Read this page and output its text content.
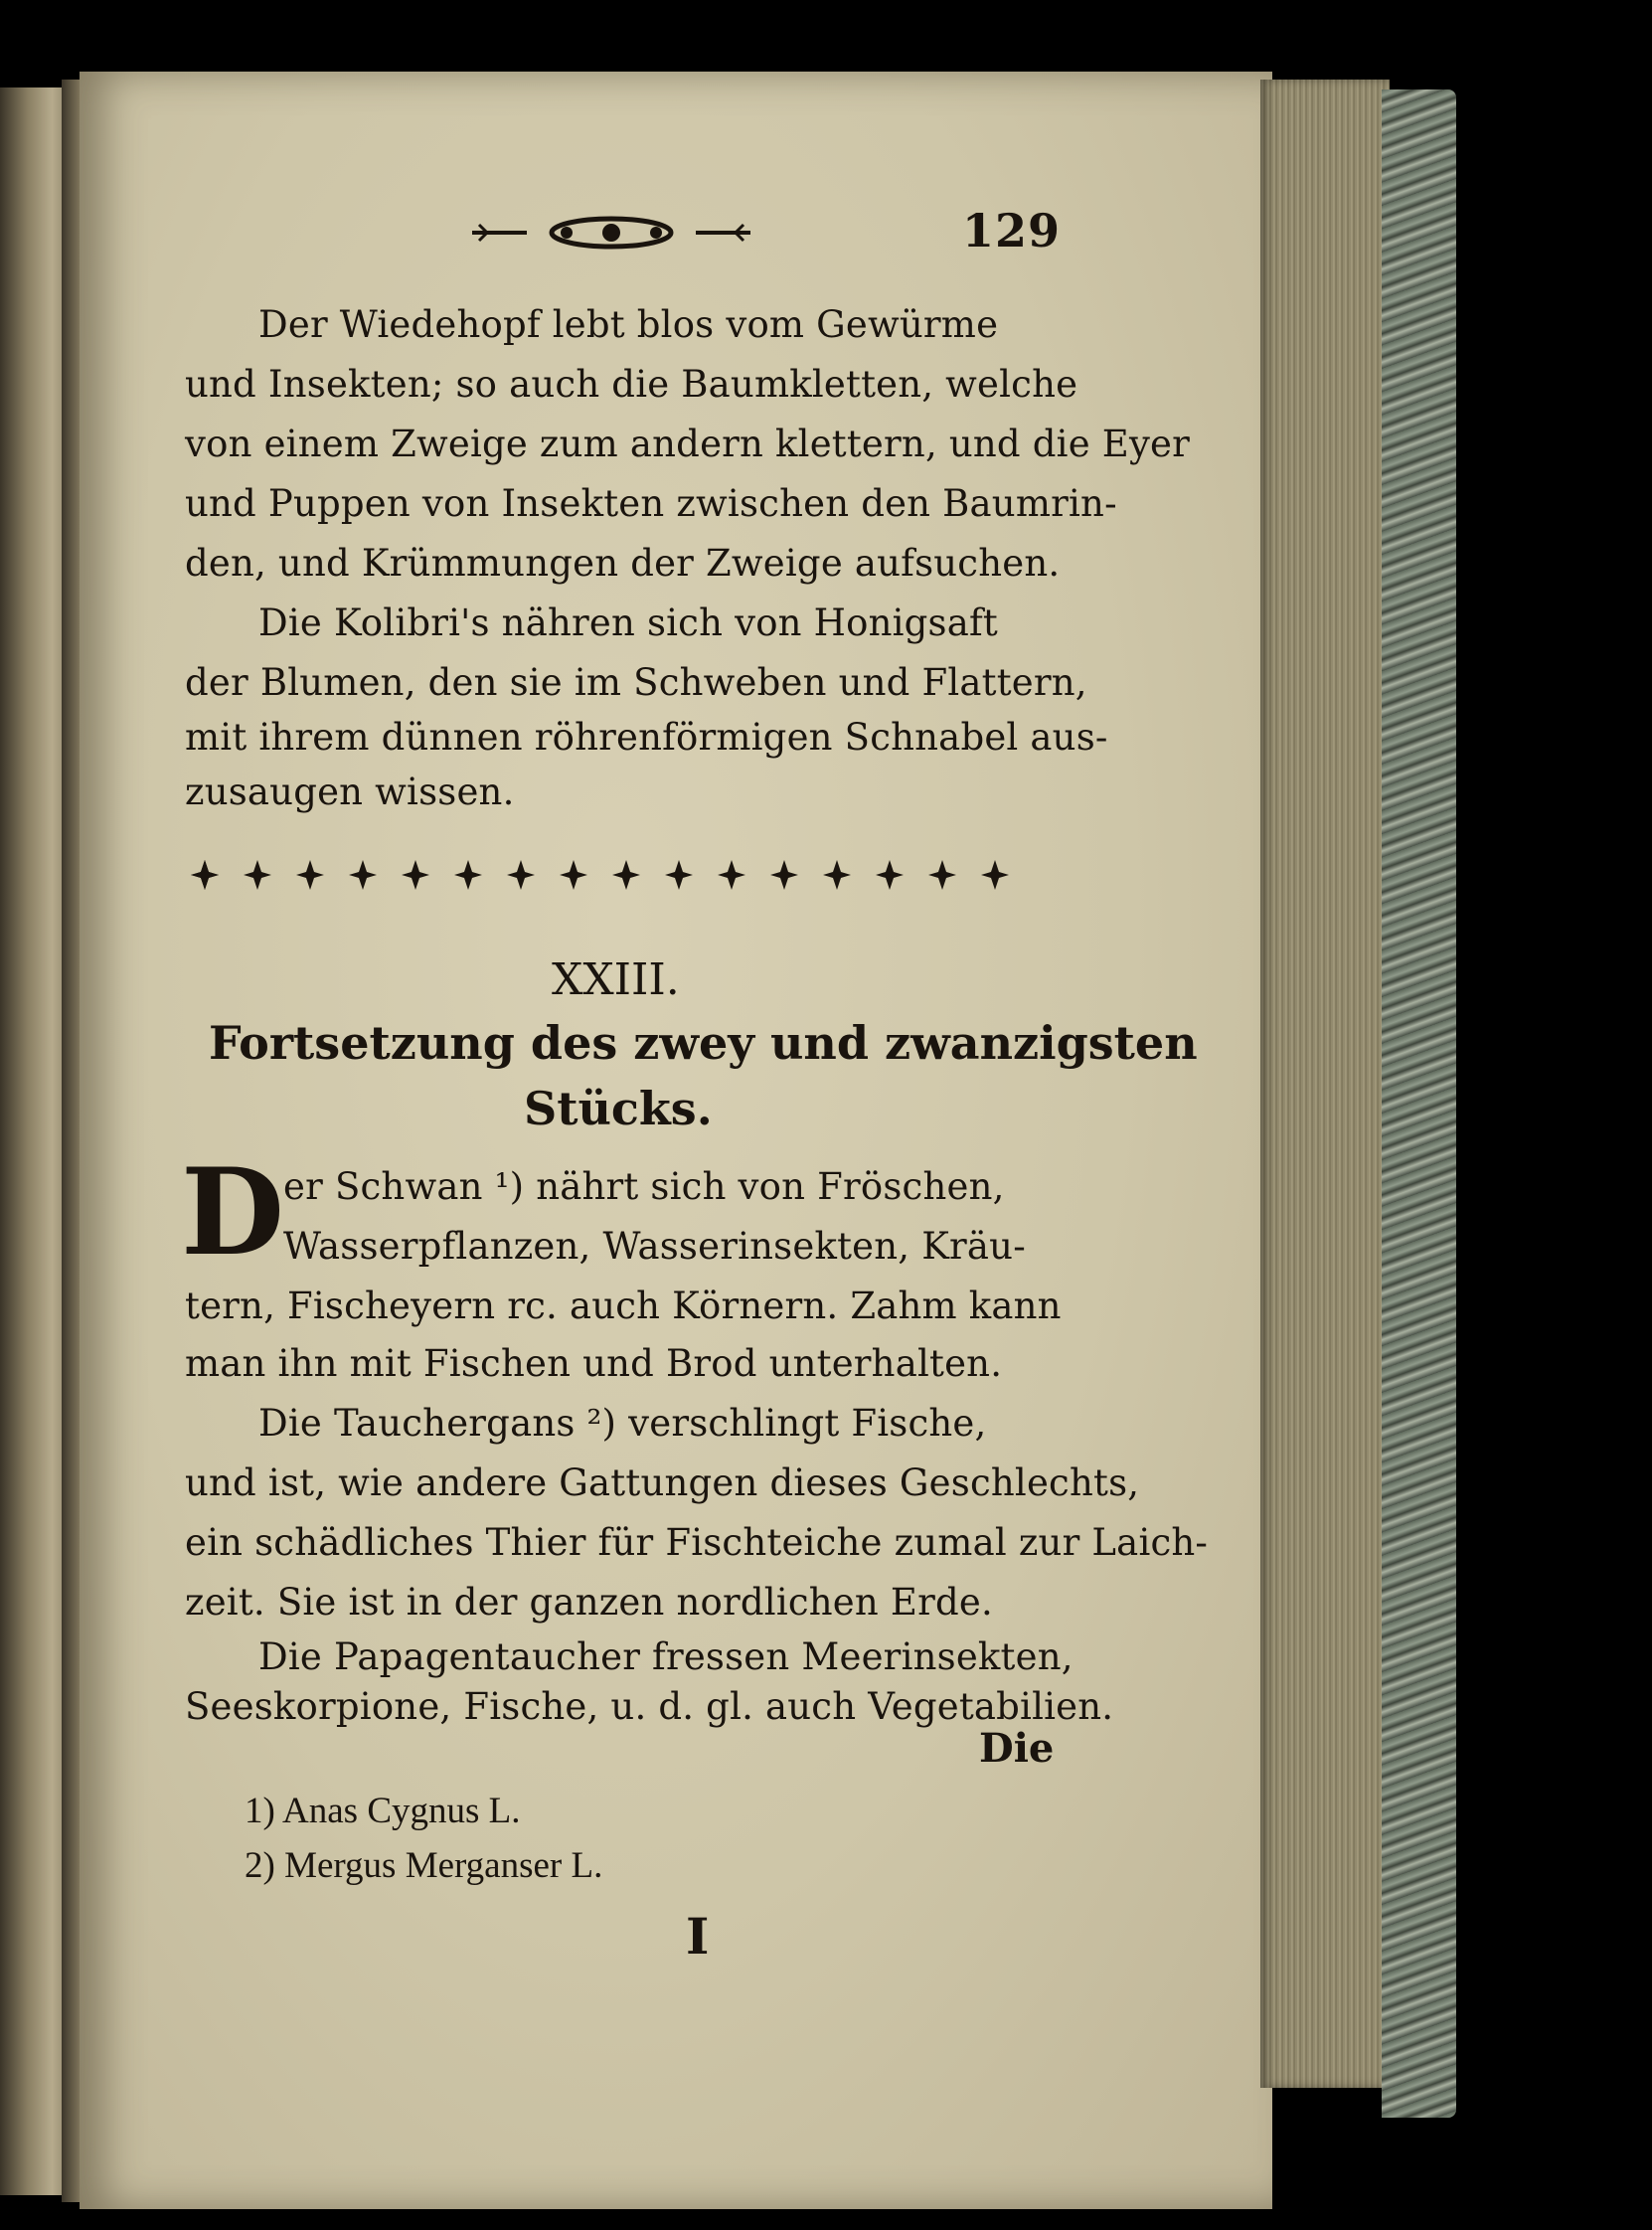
129
Der Wiedehopf lebt blos vom Gewürme
und Insekten; so auch die Baumkletten, welche
von einem Zweige zum andern klettern, und die Eyer
und Puppen von Insekten zwischen den Baumrin-
den, und Krümmungen der Zweige aufsuchen.
Die Kolibri's nähren sich von Honigsaft
der Blumen, den sie im Schweben und Flattern,
mit ihrem dünnen röhrenförmigen Schnabel aus-
zusaugen wissen.
XXIII.
Fortsetzung des zwey und zwanzigsten
Stücks.
D
er Schwan ¹) nährt sich von Fröschen,
Wasserpflanzen, Wasserinsekten, Kräu-
tern, Fischeyern rc. auch Körnern. Zahm kann
man ihn mit Fischen und Brod unterhalten.
Die Tauchergans ²) verschlingt Fische,
und ist, wie andere Gattungen dieses Geschlechts,
ein schädliches Thier für Fischteiche zumal zur Laich-
zeit. Sie ist in der ganzen nordlichen Erde.
Die Papagentaucher fressen Meerinsekten,
Seeskorpione, Fische, u. d. gl. auch Vegetabilien.
Die
1) Anas Cygnus L.
2) Mergus Merganser L.
I
